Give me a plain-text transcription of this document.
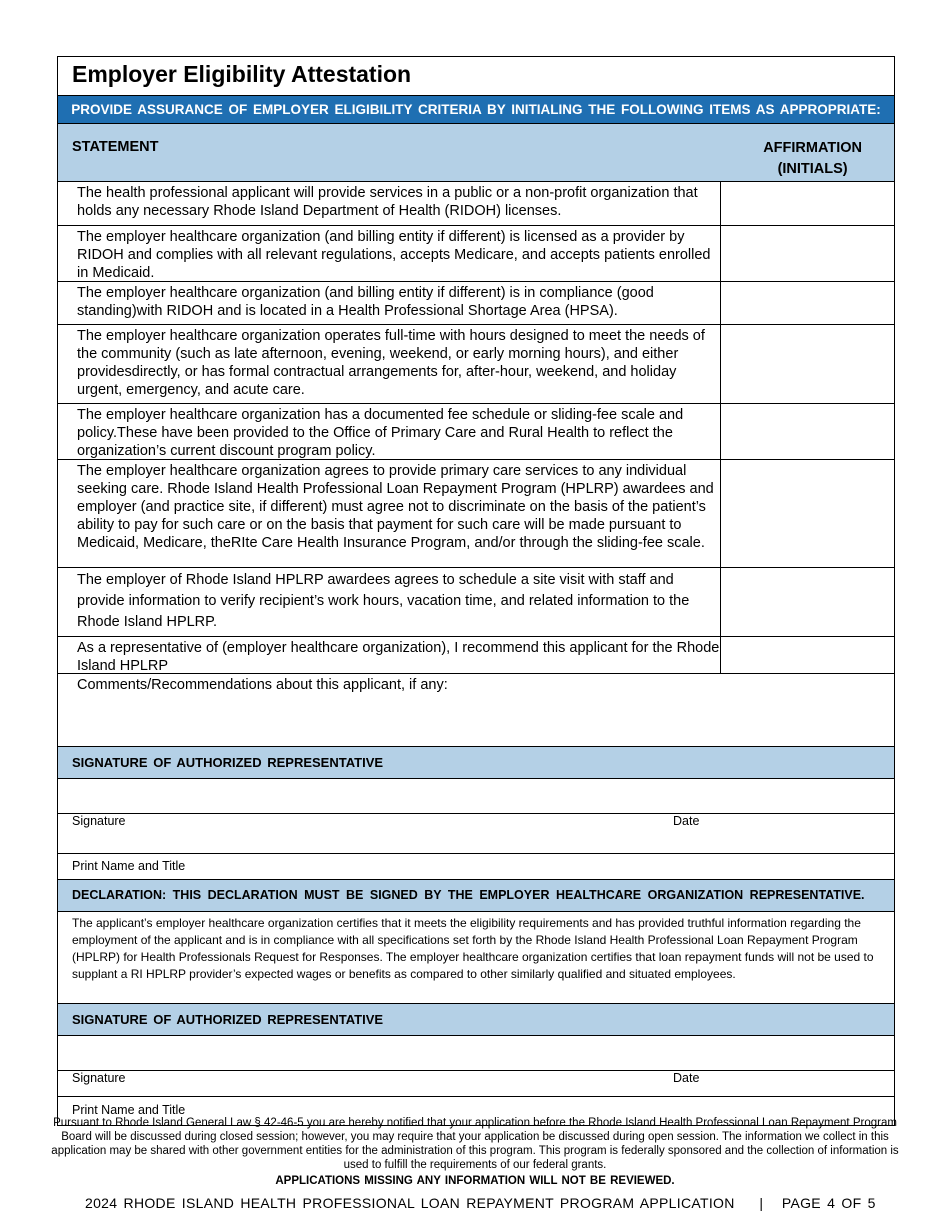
Employer Eligibility Attestation
PROVIDE ASSURANCE OF EMPLOYER ELIGIBILITY CRITERIA BY INITIALING THE FOLLOWING ITEMS AS APPROPRIATE:
STATEMENT	AFFIRMATION
(INITIALS)
The health professional applicant will provide services in a public or a non-profit organization that holds any necessary Rhode Island Department of Health (RIDOH) licenses.
The employer healthcare organization (and billing entity if different) is licensed as a provider by RIDOH and complies with all relevant regulations, accepts Medicare, and accepts patients enrolled in Medicaid.
The employer healthcare organization (and billing entity if different) is in compliance (good standing)with RIDOH and is located in a Health Professional Shortage Area (HPSA).
The employer healthcare organization operates full-time with hours designed to meet the needs of the community (such as late afternoon, evening, weekend, or early morning hours), and either providesdirectly, or has formal contractual arrangements for, after-hour, weekend, and holiday urgent, emergency, and acute care.
The employer healthcare organization has a documented fee schedule or sliding-fee scale and policy.These have been provided to the Office of Primary Care and Rural Health to reflect the organization’s current discount program policy.
The employer healthcare organization agrees to provide primary care services to any individual seeking care. Rhode Island Health Professional Loan Repayment Program (HPLRP) awardees and employer (and practice site, if different) must agree not to discriminate on the basis of the patient’s ability to pay for such care or on the basis that payment for such care will be made pursuant to Medicaid, Medicare, theRIte Care Health Insurance Program, and/or through the sliding-fee scale.
The employer of Rhode Island HPLRP awardees agrees to schedule a site visit with staff and provide information to verify recipient’s work hours, vacation time, and related information to the Rhode Island HPLRP.
As a representative of (employer healthcare organization), I recommend this applicant for the Rhode Island HPLRP
Comments/Recommendations about this applicant, if any:
SIGNATURE OF AUTHORIZED REPRESENTATIVE
Signature	Date
Print Name and Title
DECLARATION: THIS DECLARATION MUST BE SIGNED BY THE EMPLOYER HEALTHCARE ORGANIZATION REPRESENTATIVE.
The applicant’s employer healthcare organization certifies that it meets the eligibility requirements and has provided truthful information regarding the employment of the applicant and is in compliance with all specifications set forth by the Rhode Island Health Professional Loan Repayment Program (HPLRP) for Health Professionals Request for Responses. The employer healthcare organization certifies that loan repayment funds will not be used to supplant a RI HPLRP provider’s expected wages or benefits as compared to other similarly qualified and situated employees.
SIGNATURE OF AUTHORIZED REPRESENTATIVE
Signature	Date
Print Name and Title
Pursuant to Rhode Island General Law § 42-46-5 you are hereby notified that your application before the Rhode Island Health Professional Loan Repayment Program Board will be discussed during closed session; however, you may require that your application be discussed during open session. The information we collect in this application may be shared with other government entities for the administration of this program. This program is federally sponsored and the collection of information is used to fulfill the requirements of our federal grants.
APPLICATIONS MISSING ANY INFORMATION WILL NOT BE REVIEWED.
2024 RHODE ISLAND HEALTH PROFESSIONAL LOAN REPAYMENT PROGRAM APPLICATION    |   PAGE 4 OF 5
